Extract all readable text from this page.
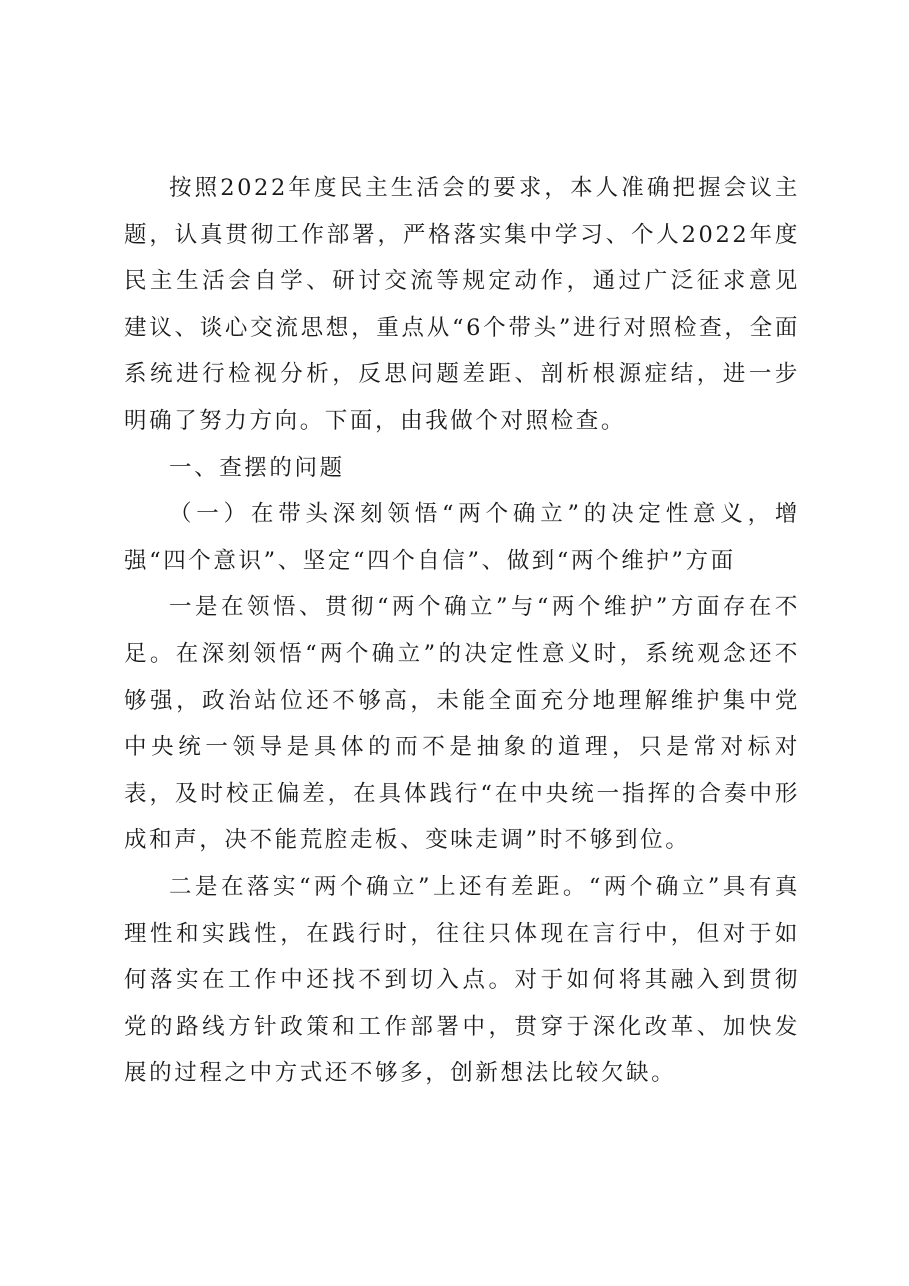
按照2022年度民主生活会的要求，本人准确把握会议主题，认真贯彻工作部署，严格落实集中学习、个人2022年度民主生活会自学、研讨交流等规定动作，通过广泛征求意见建议、谈心交流思想，重点从“6个带头”进行对照检查，全面系统进行检视分析，反思问题差距、剖析根源症结，进一步明确了努力方向。下面，由我做个对照检查。

一、查摆的问题

（一）在带头深刻领悟“两个确立”的决定性意义，增强“四个意识”、坚定“四个自信”、做到“两个维护”方面

一是在领悟、贯彻“两个确立”与“两个维护”方面存在不足。在深刻领悟“两个确立”的决定性意义时，系统观念还不够强，政治站位还不够高，未能全面充分地理解维护集中党中央统一领导是具体的而不是抽象的道理，只是常对标对表，及时校正偏差，在具体践行“在中央统一指挥的合奏中形成和声，决不能荒腔走板、变味走调”时不够到位。

二是在落实“两个确立”上还有差距。“两个确立”具有真理性和实践性，在践行时，往往只体现在言行中，但对于如何落实在工作中还找不到切入点。对于如何将其融入到贯彻党的路线方针政策和工作部署中，贯穿于深化改革、加快发展的过程之中方式还不够多，创新想法比较欠缺。
